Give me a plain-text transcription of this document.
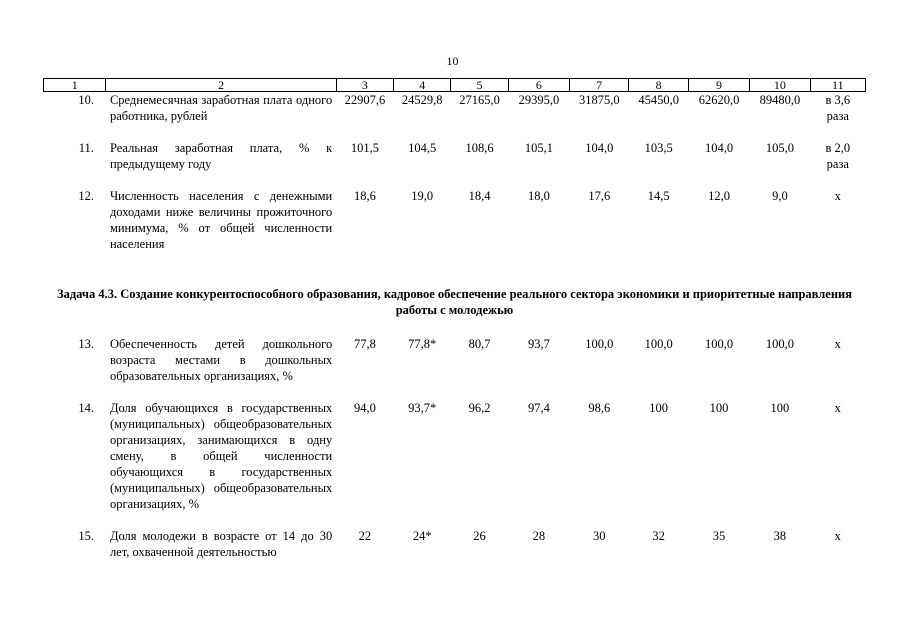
10
1	2	3	4	5	6	7	8	9	10	11
10.	Среднемесячная заработная плата одного работника, рублей	22907,6	24529,8	27165,0	29395,0	31875,0	45450,0	62620,0	89480,0	в 3,6 раза

11.	Реальная заработная плата, % к предыдущему году	101,5	104,5	108,6	105,1	104,0	103,5	104,0	105,0	в 2,0 раза

12.	Численность населения с денежными доходами ниже величины прожиточного минимума, % от общей численности населения	18,6	19,0	18,4	18,0	17,6	14,5	12,0	9,0	х

Задача 4.3. Создание конкурентоспособного образования, кадровое обеспечение реального сектора экономики и приоритетные направления работы с молодежью										

13.	Обеспеченность детей дошкольного возраста местами в дошкольных образовательных организациях, %	77,8	77,8*	80,7	93,7	100,0	100,0	100,0	100,0	х

14.	Доля обучающихся в государственных (муниципальных) общеобразовательных организациях, занимающихся в одну смену, в общей численности обучающихся в государственных (муниципальных) общеобразовательных организациях, %	94,0	93,7*	96,2	97,4	98,6	100	100	100	х

15.	Доля молодежи в возрасте от 14 до 30 лет, охваченной деятельностью	22	24*	26	28	30	32	35	38	х
